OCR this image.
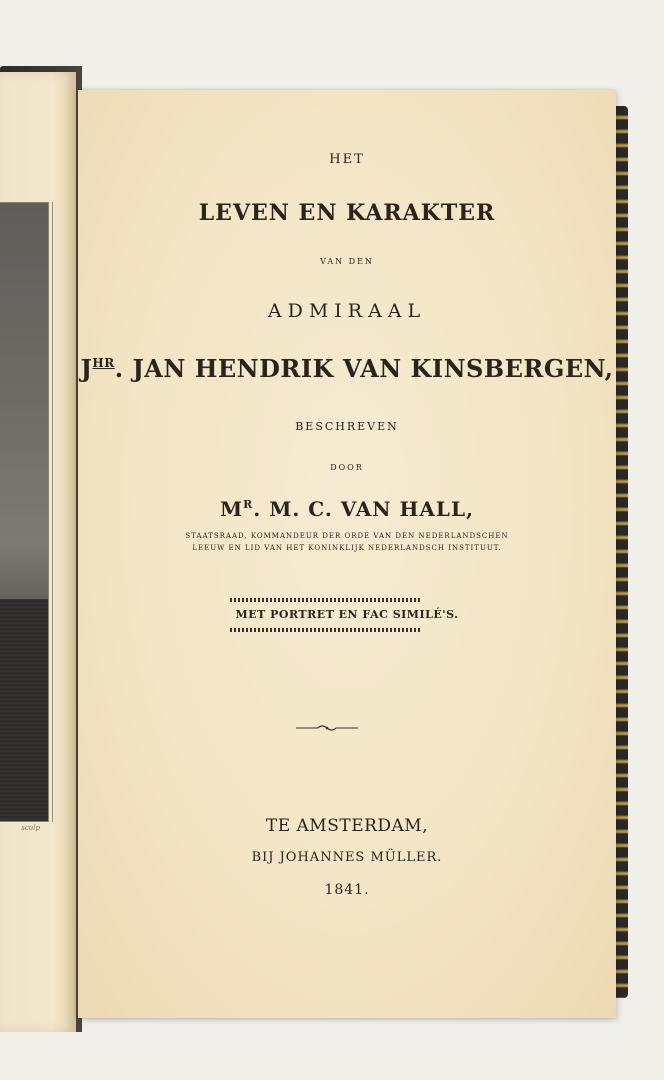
sculp
HET
LEVEN EN KARAKTER
VAN DEN
ADMIRAAL
$J^{HR}$. JAN HENDRIK VAN KINSBERGEN,
BESCHREVEN
DOOR
$M^R$. M. C. VAN HALL,
STAATSRAAD, KOMMANDEUR DER ORDE VAN DEN NEDERLANDSCHEN
LEEUW EN LID VAN HET KONINKLIJK NEDERLANDSCH INSTITUUT.
MET PORTRET EN FAC SIMILÉ'S.
TE AMSTERDAM,
BIJ JOHANNES MÜLLER.
1841.
